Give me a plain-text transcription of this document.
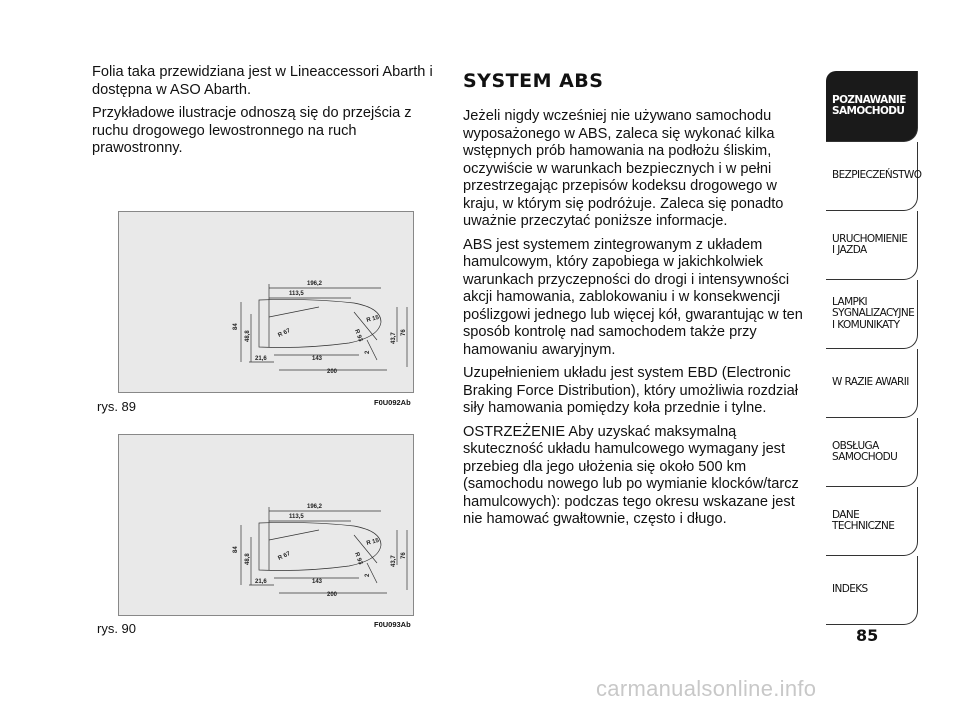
Folia taka przewidziana jest w Lineaccessori Abarth i dostępna w ASO Abarth.

Przykładowe ilustracje odnoszą się do przejścia z ruchu drogowego lewostronnego na ruch prawostronny.

196,2
113,5
84
48,8	R 67
R 15
R 93	43,7 76
21,6	143
200
2
rys. 89	F0U092Ab
196,2
113,5
84
48,8	R 67
R 15
R 93	43,7 76
21,6	143
200
2
rys. 90	F0U093Ab
SYSTEM ABS

Jeżeli nigdy wcześniej nie używano samochodu wyposażonego w ABS, zaleca się wykonać kilka wstępnych prób hamowania na podłożu śliskim, oczywiście w warunkach bezpiecznych i w pełni przestrzegając przepisów kodeksu drogowego w kraju, w którym się podróżuje. Zaleca się ponadto uważnie przeczytać poniższe informacje.

ABS jest systemem zintegrowanym z układem hamulcowym, który zapobiega w jakichkolwiek warunkach przyczepności do drogi i intensywności akcji hamowania, zablokowaniu i w konsekwencji poślizgowi jednego lub więcej kół, gwarantując w ten sposób kontrolę nad samochodem także przy hamowaniu awaryjnym.

Uzupełnieniem układu jest system EBD (Electronic Braking Force Distribution), który umożliwia rozdział siły hamowania pomiędzy koła przednie i tylne.

OSTRZEŻENIE Aby uzyskać maksymalną skuteczność układu hamulcowego wymagany jest przebieg dla jego ułożenia się około 500 km (samochodu nowego lub po wymianie klocków/tarcz hamulcowych): podczas tego okresu wskazane jest nie hamować gwałtownie, często i długo.

POZNAWANIE
SAMOCHODU
BEZPIECZEŃSTWO
URUCHOMIENIE
I JAZDA
LAMPKI
SYGNALIZACYJNE
I KOMUNIKATY
W RAZIE AWARII
OBSŁUGA
SAMOCHODU
DANE
TECHNICZNE
INDEKS
85
carmanualsonline.info
